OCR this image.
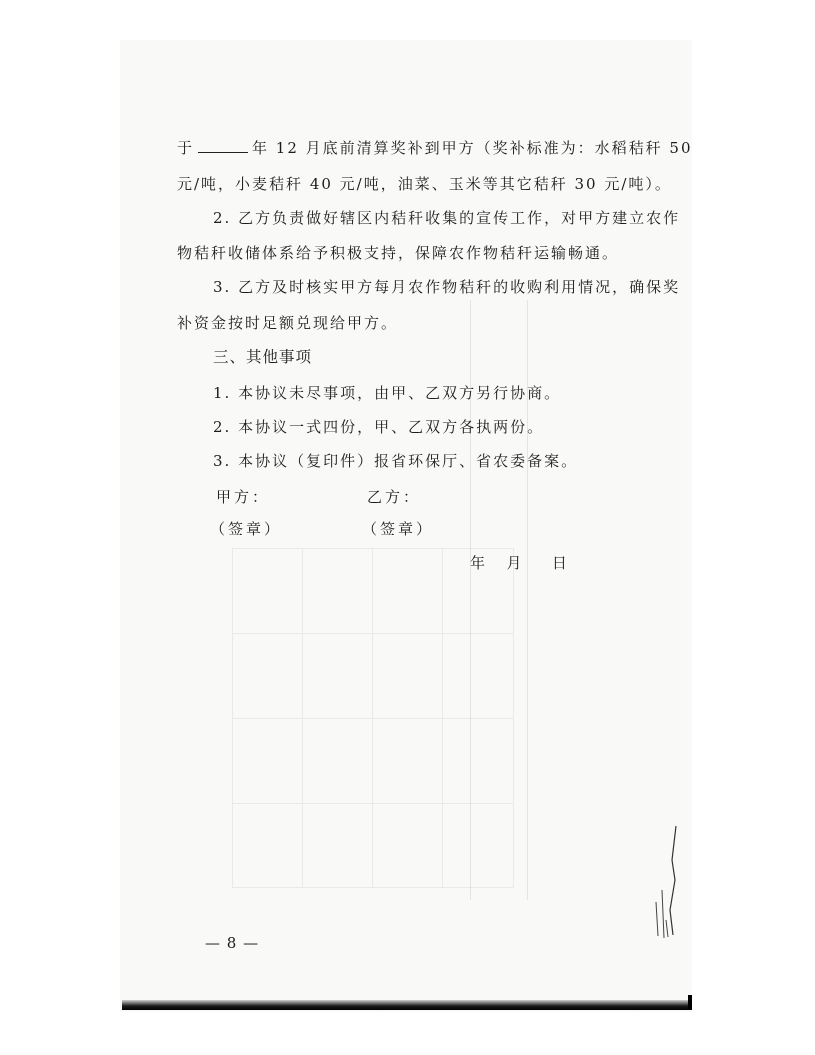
于	年 12 月底前清算奖补到甲方（奖补标准为：水稻秸秆 50
元/吨，小麦秸秆 40 元/吨，油菜、玉米等其它秸秆 30 元/吨）。
2. 乙方负责做好辖区内秸秆收集的宣传工作，对甲方建立农作
物秸秆收储体系给予积极支持，保障农作物秸秆运输畅通。
3. 乙方及时核实甲方每月农作物秸秆的收购利用情况，确保奖
补资金按时足额兑现给甲方。
三、其他事项
1. 本协议未尽事项，由甲、乙双方另行协商。
2. 本协议一式四份，甲、乙双方各执两份。
3. 本协议（复印件）报省环保厅、省农委备案。
甲方：	乙方：
（签章）	（签章）
年  月   日
— 8 —
